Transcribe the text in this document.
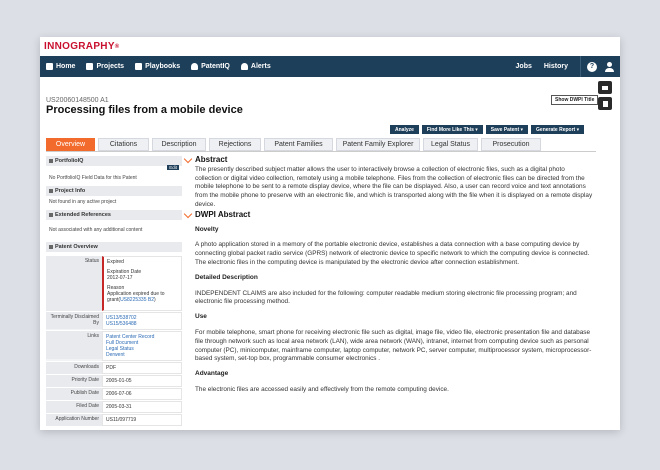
INNOGRAPHY ®
Home	Projects	Playbooks	PatentIQ	Alerts	Jobs History	?
US20060148500 A1
Processing files from a mobile device
Show DWPI Title
Analyze	Find More Like This
▾	Save Patent
▾	Generate Report
▾
Overview	Citations	Description	Rejections	Patent Families	Patent Family Explorer	Legal Status	Prosecution
PortfolioIQ
Edit
No PortfolioIQ Field Data for this Patent
Project Info
Not found in any active project
Extended References
Not associated with any additional content
Patent Overview
Status	Expired
Expiration Date
2012-07-17
Reason
Application expired due to grant(US8225335 B2)
Terminally Disclaimed By
US13/538702
US15/536488
Links	Patent Center Record
Full Document
Legal Status
Derwent
Downloads	PDF
Priority Date	2005-01-05
Publish Date	2006-07-06
Filed Date	2005-03-31
Application Number	US11/097719
Abstract
The presently described subject matter allows the user to interactively browse a collection of electronic files, such as a digital photo collection or digital video collection, remotely using a mobile telephone. Files from the collection of electronic files can be directed from the mobile telephone to be sent to a remote display device, where the file can be displayed. Also, a user can record voice and text annotations from the mobile phone to preserve with an electronic file, and which is transported along with the file when it is displayed on a remote display device.
DWPI Abstract
Novelty
A photo application stored in a memory of the portable electronic device, establishes a data connection with a base computing device by connecting global packet radio service (GPRS) network of electronic device to specific network to which the computing device is connected. The electronic files in the computing device is manipulated by the electronic device after connection establishment.
Detailed Description
INDEPENDENT CLAIMS are also included for the following: computer readable medium storing electronic file processing program; and electronic file processing method.
Use
For mobile telephone, smart phone for receiving electronic file such as digital, image file, video file, electronic presentation file and database file through network such as local area network (LAN), wide area network (WAN), intranet, internet from computing device such as personal computer (PC), minicomputer, mainframe computer, laptop computer, network PC, server computer, multiprocessor system, microprocessor-based system, set-top box, programmable consumer electronics .
Advantage
The electronic files are accessed easily and effectively from the remote computing device.
